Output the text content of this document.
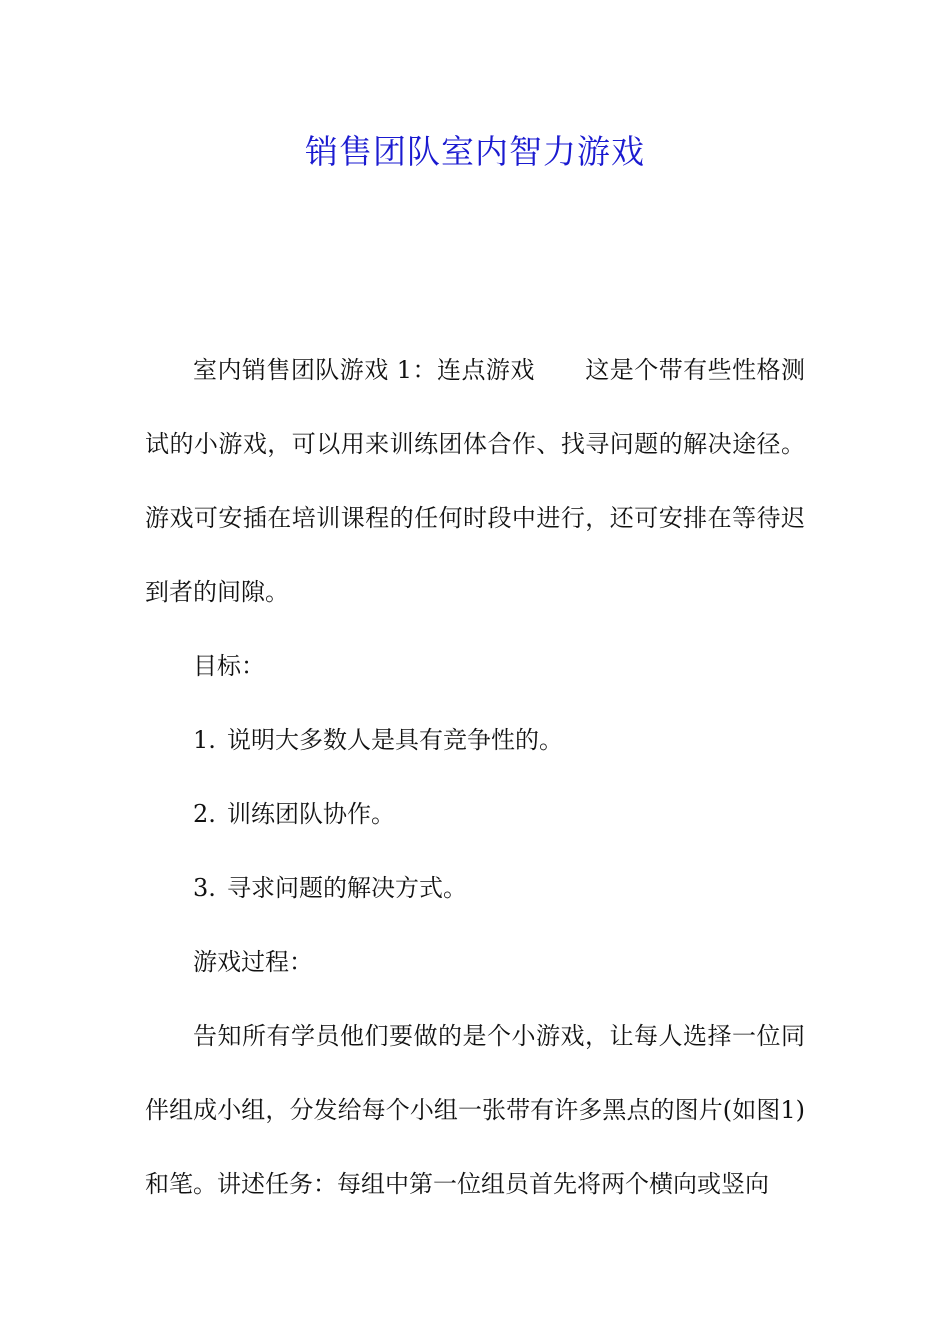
销售团队室内智力游戏

室内销售团队游戏 1：连点游戏 这是个带有些性格测试的小游戏，可以用来训练团体合作、找寻问题的解决途径。游戏可安插在培训课程的任何时段中进行，还可安排在等待迟到者的间隙。

目标：

1. 说明大多数人是具有竞争性的。

2. 训练团队协作。

3. 寻求问题的解决方式。

游戏过程：

告知所有学员他们要做的是个小游戏，让每人选择一位同伴组成小组，分发给每个小组一张带有许多黑点的图片(如图1)和笔。讲述任务：每组中第一位组员首先将两个横向或竖向
